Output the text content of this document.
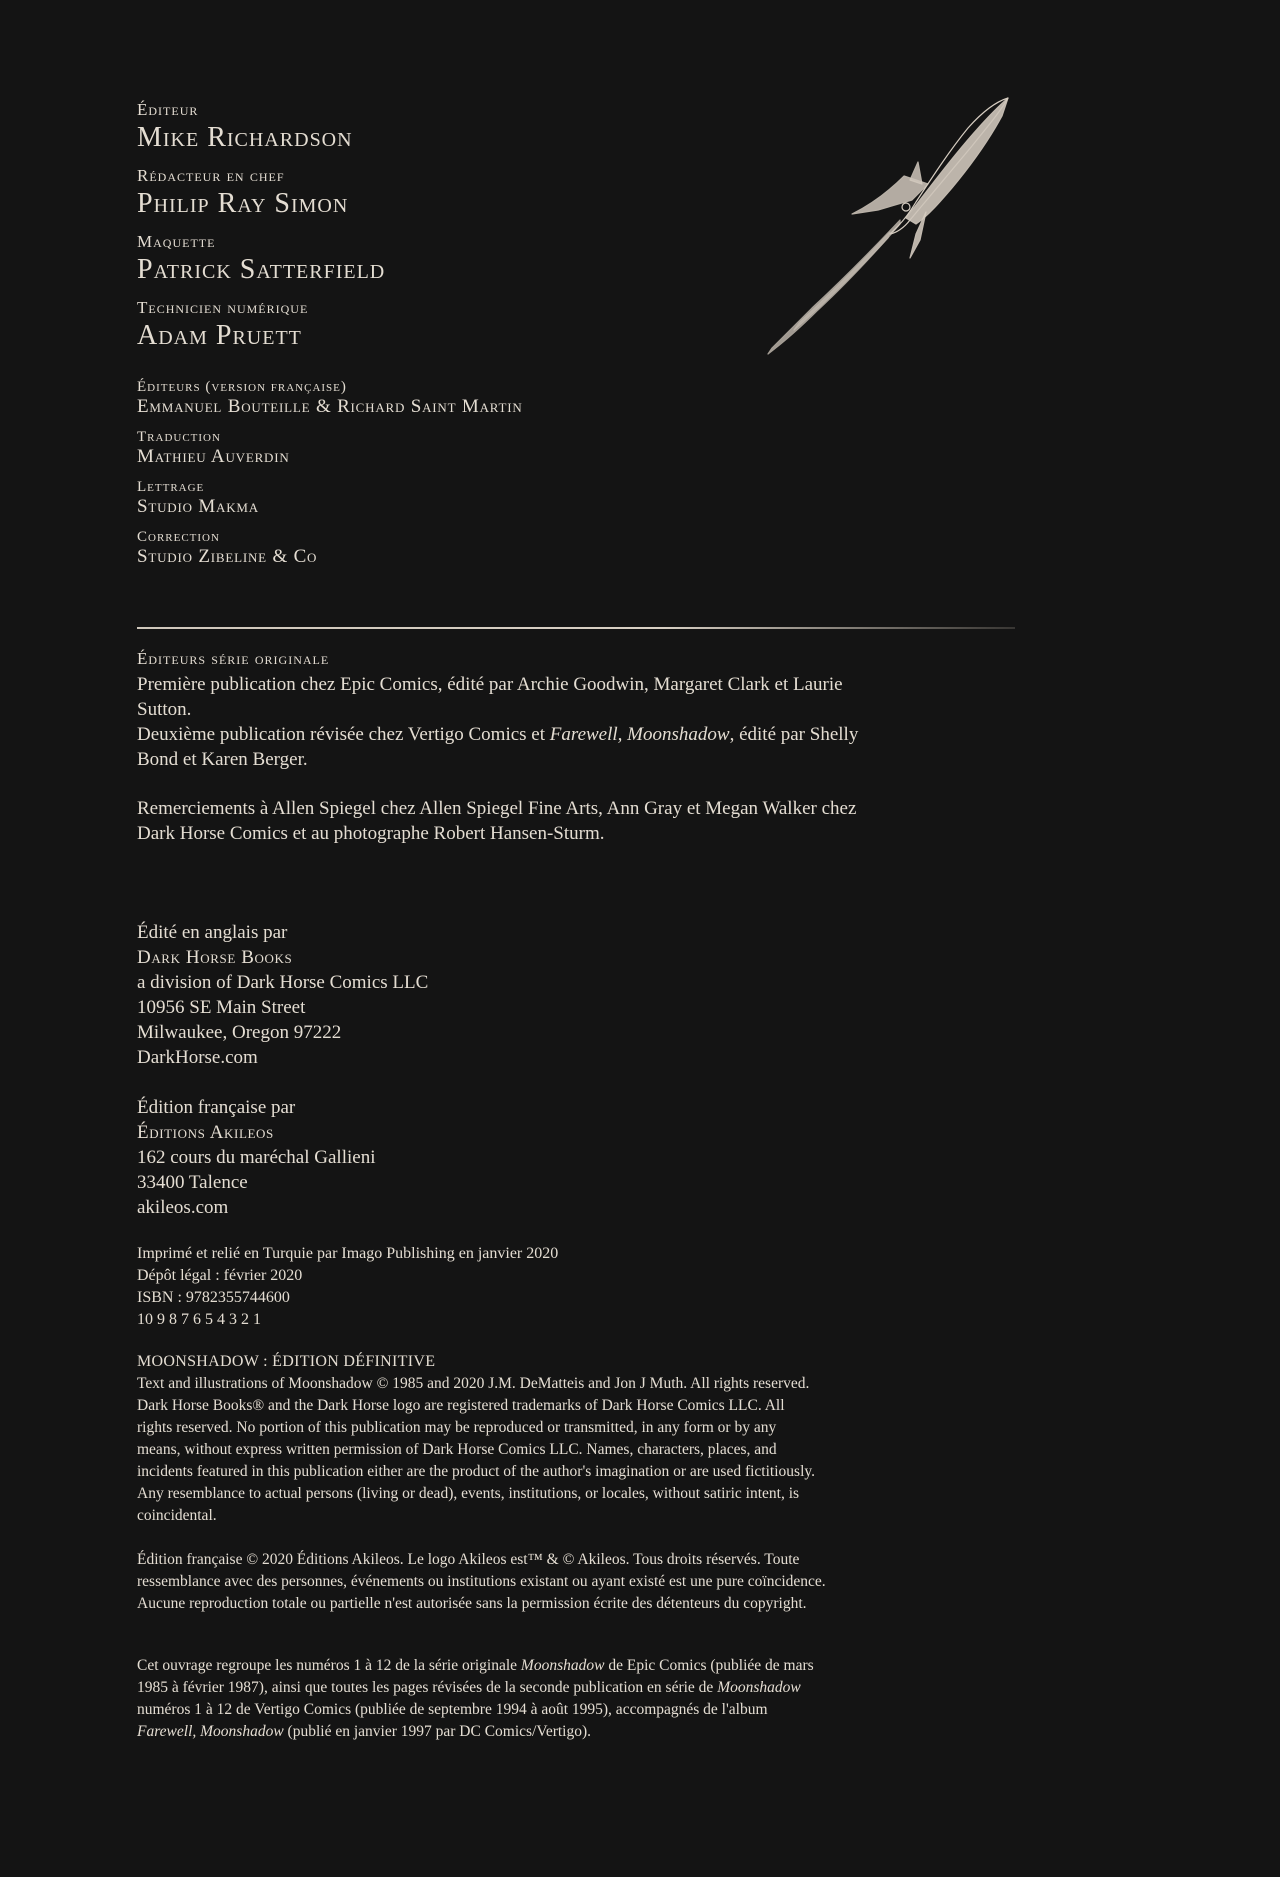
Éditeur

Mike Richardson

Rédacteur en chef

Philip Ray Simon

Maquette

Patrick Satterfield

Technicien numérique

Adam Pruett

Éditeurs (version française)

Emmanuel Bouteille & Richard Saint Martin

Traduction

Mathieu Auverdin

Lettrage

Studio Makma

Correction

Studio Zibeline & Co

Éditeurs série originale

Première publication chez Epic Comics, édité par Archie Goodwin, Margaret Clark et Laurie

Sutton.

Deuxième publication révisée chez Vertigo Comics et Farewell, Moonshadow, édité par Shelly

Bond et Karen Berger.

Remerciements à Allen Spiegel chez Allen Spiegel Fine Arts, Ann Gray et Megan Walker chez

Dark Horse Comics et au photographe Robert Hansen-Sturm.

Édité en anglais par

Dark Horse Books

a division of Dark Horse Comics LLC

10956 SE Main Street

Milwaukee, Oregon 97222

DarkHorse.com

Édition française par

Éditions Akileos

162 cours du maréchal Gallieni

33400 Talence

akileos.com

Imprimé et relié en Turquie par Imago Publishing en janvier 2020

Dépôt légal : février 2020

ISBN : 9782355744600

10 9 8 7 6 5 4 3 2 1

MOONSHADOW : ÉDITION DÉFINITIVE

Text and illustrations of Moonshadow © 1985 and 2020 J.M. DeMatteis and Jon J Muth. All rights reserved.

Dark Horse Books® and the Dark Horse logo are registered trademarks of Dark Horse Comics LLC. All

rights reserved. No portion of this publication may be reproduced or transmitted, in any form or by any

means, without express written permission of Dark Horse Comics LLC. Names, characters, places, and

incidents featured in this publication either are the product of the author's imagination or are used fictitiously.

Any resemblance to actual persons (living or dead), events, institutions, or locales, without satiric intent, is

coincidental.

Édition française © 2020 Éditions Akileos. Le logo Akileos est™ & © Akileos. Tous droits réservés. Toute

ressemblance avec des personnes, événements ou institutions existant ou ayant existé est une pure coïncidence.

Aucune reproduction totale ou partielle n'est autorisée sans la permission écrite des détenteurs du copyright.

Cet ouvrage regroupe les numéros 1 à 12 de la série originale Moonshadow de Epic Comics (publiée de mars

1985 à février 1987), ainsi que toutes les pages révisées de la seconde publication en série de Moonshadow

numéros 1 à 12 de Vertigo Comics (publiée de septembre 1994 à août 1995), accompagnés de l'album

Farewell, Moonshadow (publié en janvier 1997 par DC Comics/Vertigo).
